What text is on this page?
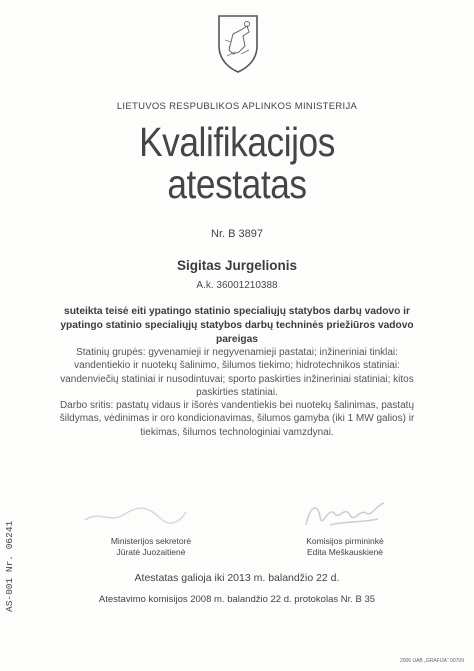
LIETUVOS RESPUBLIKOS APLINKOS MINISTERIJA
Kvalifikacijos
atestatas
Nr. B 3897
Sigitas Jurgelionis
A.k. 36001210388
suteikta teisė eiti ypatingo statinio specialiųjų statybos darbų vadovo ir ypatingo statinio specialiųjų statybos darbų techninės priežiūros vadovo pareigas
Statinių grupės: gyvenamieji ir negyvenamieji pastatai; inžineriniai tinklai: vandentiekio ir nuotekų šalinimo, šilumos tiekimo; hidrotechnikos statiniai: vandenviečių statiniai ir nusodintuvai; sporto paskirties inžineriniai statiniai; kitos paskirties statiniai.
Darbo sritis: pastatų vidaus ir išorės vandentiekis bei nuotekų šalinimas, pastatų šildymas, vėdinimas ir oro kondicionavimas, šilumos gamyba (iki 1 MW galios) ir tiekimas, šilumos technologiniai vamzdynai.
Ministerijos sekretorė
Jūratė Juozaitienė
Komisijos pirmininkė
Edita Meškauskienė
Atestatas galioja iki 2013 m. balandžio 22 d.
Atestavimo komisijos 2008 m. balandžio 22 d. protokolas Nr. B 35
AS-001 Nr. 06241
2006 UAB „GRAFIJA" 00709
